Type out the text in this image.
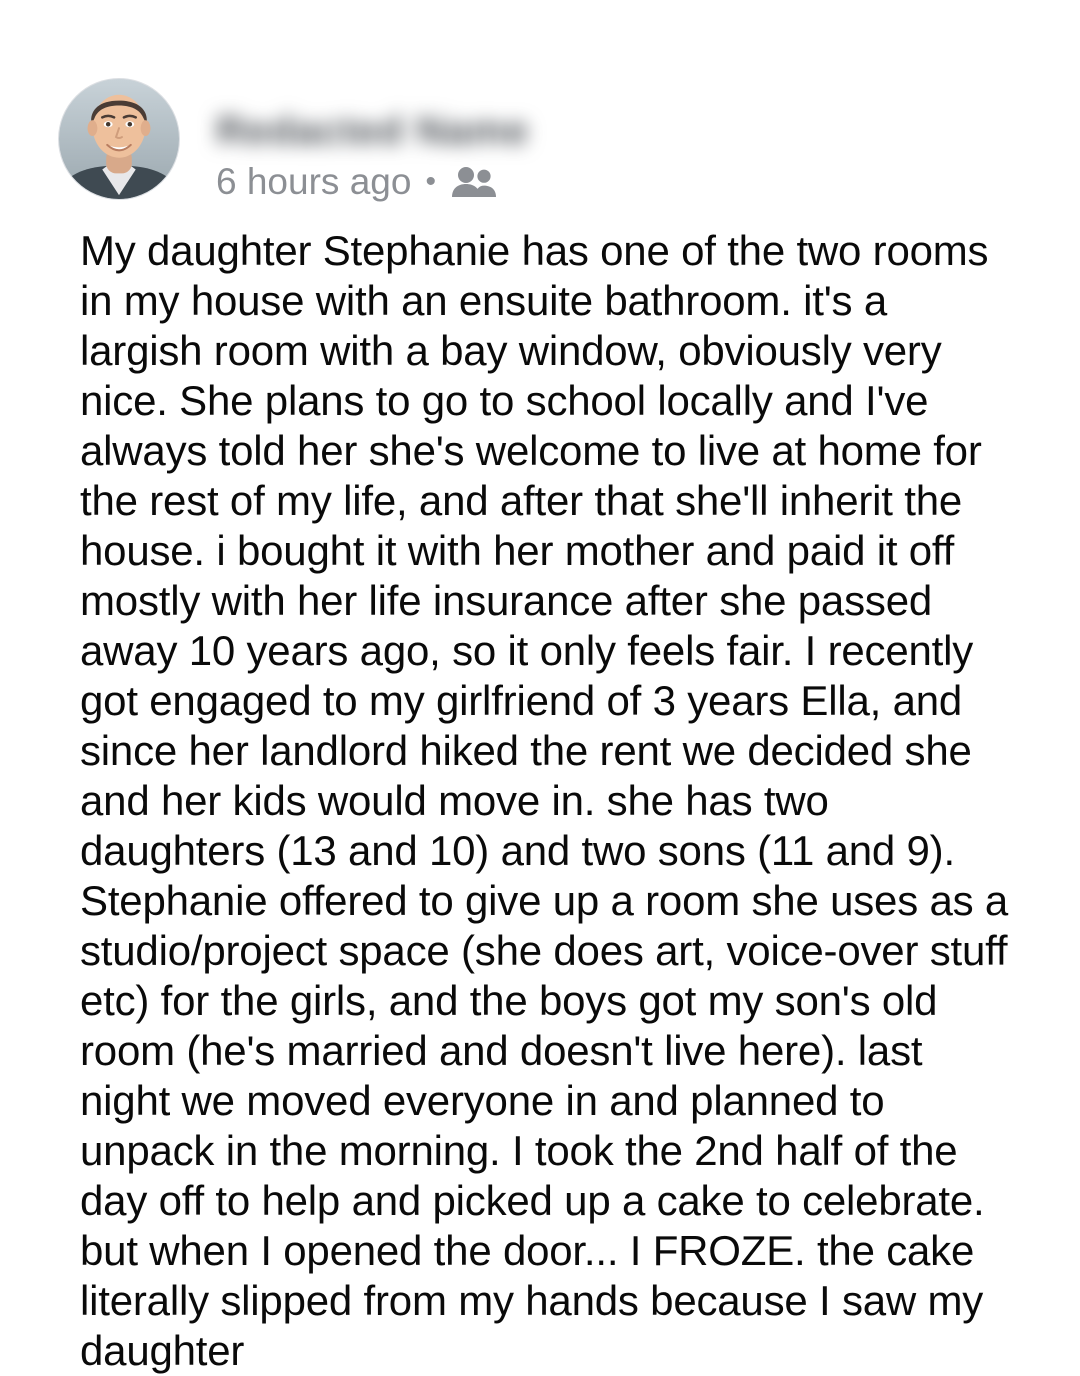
Redacted Name
6 hours ago •
My daughter Stephanie has one of the two rooms in my house with an ensuite bathroom. it's a largish room with a bay window, obviously very nice. She plans to go to school locally and I've always told her she's welcome to live at home for the rest of my life, and after that she'll inherit the house. i bought it with her mother and paid it off mostly with her life insurance after she passed away 10 years ago, so it only feels fair. I recently got engaged to my girlfriend of 3 years Ella, and since her landlord hiked the rent we decided she and her kids would move in. she has two daughters (13 and 10) and two sons (11 and 9). Stephanie offered to give up a room she uses as a studio/project space (she does art, voice-over stuff etc) for the girls, and the boys got my son's old room (he's married and doesn't live here). last night we moved everyone in and planned to unpack in the morning. I took the 2nd half of the day off to help and picked up a cake to celebrate. but when I opened the door... I FROZE. the cake literally slipped from my hands because I saw my daughter
